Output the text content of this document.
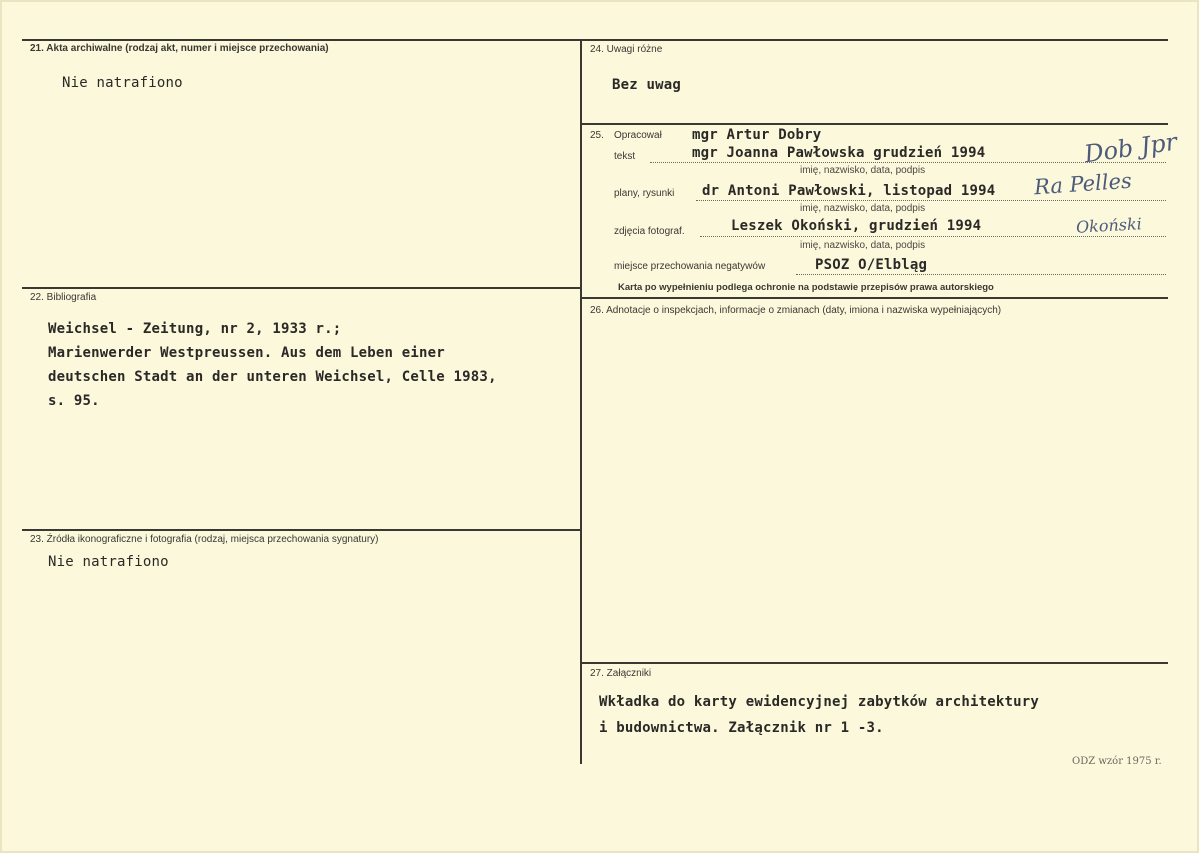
21. Akta archiwalne (rodzaj akt, numer i miejsce przechowania)
Nie natrafiono
22. Bibliografia
Weichsel - Zeitung, nr 2, 1933 r.;
Marienwerder Westpreussen. Aus dem Leben einer
deutschen Stadt an der unteren Weichsel, Celle 1983,
s. 95.
23. Źródła ikonograficzne i fotografia (rodzaj, miejsca przechowania sygnatury)
Nie natrafiono
24. Uwagi różne
Bez uwag
25. Opracował
tekst
mgr Artur Dobry
mgr Joanna Pawłowska grudzień 1994
imię, nazwisko, data, podpis
plany, rysunki dr Antoni Pawłowski, listopad 1994
imię, nazwisko, data, podpis
zdjęcia fotograf.	Leszek Okoński, grudzień 1994
imię, nazwisko, data, podpis
miejsce przechowania negatywów	PSOZ O/Elbląg
Karta po wypełnieniu podlega ochronie na podstawie przepisów prawa autorskiego
Dob Jpr
Ra Pelles
Okoński
26. Adnotacje o inspekcjach, informacje o zmianach (daty, imiona i nazwiska wypełniających)
27. Załączniki
Wkładka do karty ewidencyjnej zabytków architektury
i budownictwa. Załącznik nr 1 -3.
ODZ wzór 1975 r.
